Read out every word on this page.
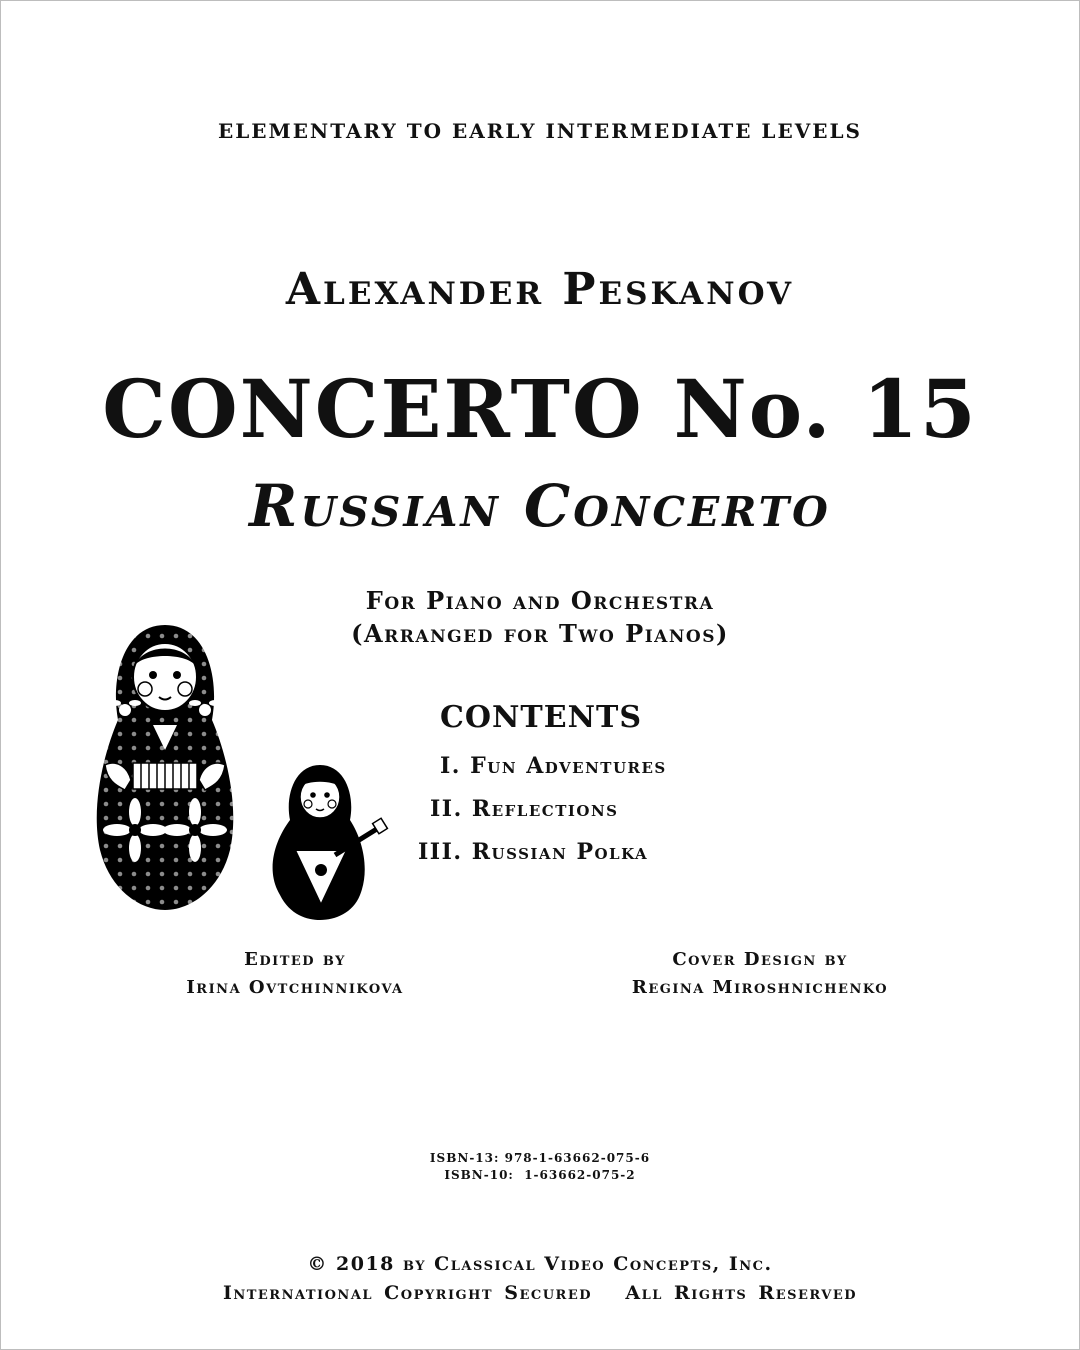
ELEMENTARY TO EARLY INTERMEDIATE LEVELS
Alexander Peskanov
CONCERTO No. 15
Russian Concerto
For Piano and Orchestra
(Arranged for Two Pianos)
CONTENTS
I. Fun Adventures
II. Reflections
III. Russian Polka
Edited by
Irina Ovtchinnikova
Cover Design by
Regina Miroshnichenko
ISBN-13: 978-1-63662-075-6
ISBN-10:  1-63662-075-2
© 2018 by Classical Video Concepts, Inc.
International Copyright Secured   All Rights Reserved
